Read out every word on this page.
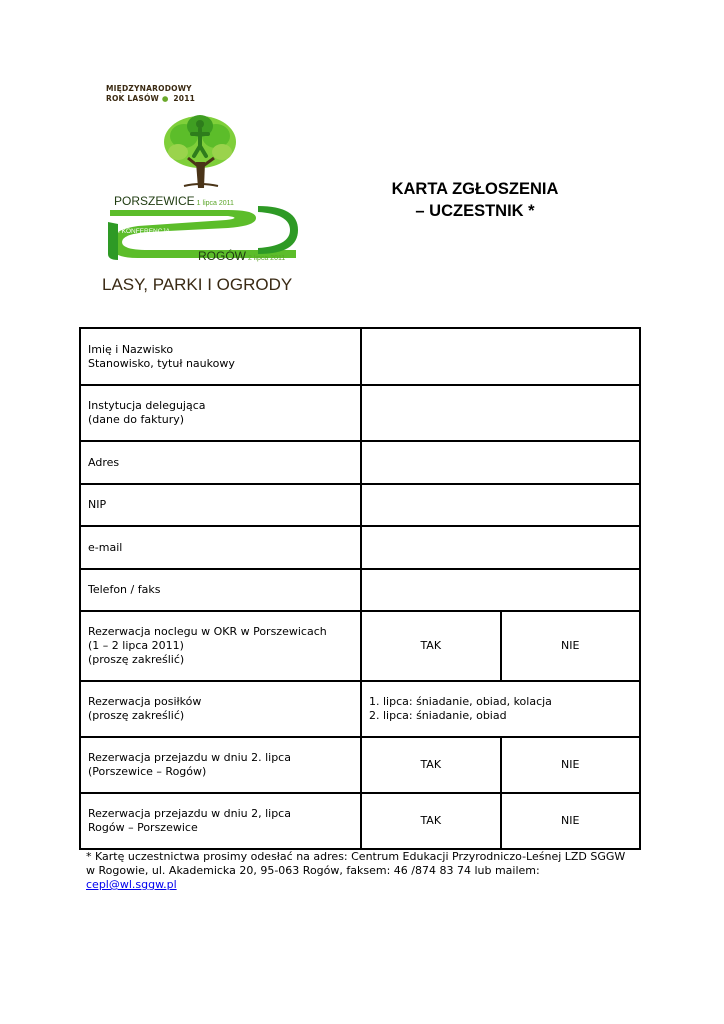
MIĘDZYNARODOWY
ROK LASÓW ● 2011
PORSZEWICE 1 lipca 2011
I KONFERENCJA
ROGÓW 2 lipca 2011
LASY, PARKI I OGRODY
KARTA ZGŁOSZENIA
– UCZESTNIK *
Imię i Nazwisko
Stanowisko, tytuł naukowy		

Instytucja delegująca
(dane do faktury)		

Adres		
NIP		
e-mail		
Telefon / faks		

Rezerwacja noclegu w OKR w Porszewicach
(1 – 2 lipca 2011)
(proszę zakreślić)	TAK	NIE

Rezerwacja posiłków
(proszę zakreślić)	1. lipca: śniadanie, obiad, kolacja
2. lipca: śniadanie, obiad	

Rezerwacja przejazdu w dniu 2. lipca
(Porszewice – Rogów)	TAK	NIE

Rezerwacja przejazdu w dniu 2, lipca
Rogów – Porszewice	TAK	NIE
* Kartę uczestnictwa prosimy odesłać na adres: Centrum Edukacji Przyrodniczo-Leśnej LZD SGGW
w Rogowie, ul. Akademicka 20, 95-063 Rogów, faksem: 46 /874 83 74 lub mailem:
cepl@wl.sggw.pl
